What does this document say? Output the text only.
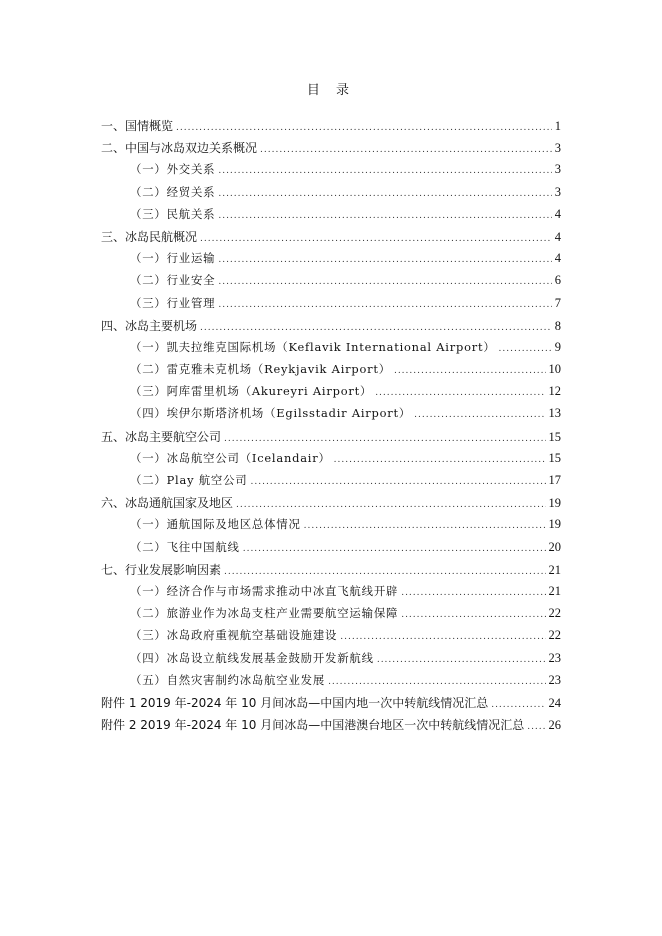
目 录
一、国情概览 .....	1
二、中国与冰岛双边关系概况 .....	3
（一）外交关系 .....	3
（二）经贸关系 .....	3
（三）民航关系 .....	4
三、冰岛民航概况 .....	4
（一）行业运输 .....	4
（二）行业安全 .....	6
（三）行业管理 .....	7
四、冰岛主要机场 .....	8
（一）凯夫拉维克国际机场（Keflavik International Airport） .....	9
（二）雷克雅未克机场（Reykjavik Airport） .....	10
（三）阿库雷里机场（Akureyri Airport） .....	12
（四）埃伊尔斯塔济机场（Egilsstadir Airport） .....	13
五、冰岛主要航空公司 .....	15
（一）冰岛航空公司（Icelandair） .....	15
（二）Play 航空公司 .....	17
六、冰岛通航国家及地区 .....	19
（一）通航国际及地区总体情况 .....	19
（二）飞往中国航线 .....	20
七、行业发展影响因素 .....	21
（一）经济合作与市场需求推动中冰直飞航线开辟 .....	21
（二）旅游业作为冰岛支柱产业需要航空运输保障 .....	22
（三）冰岛政府重视航空基础设施建设 .....	22
（四）冰岛设立航线发展基金鼓励开发新航线 .....	23
（五）自然灾害制约冰岛航空业发展 .....	23
附件 1 2019 年-2024 年 10 月间冰岛—中国内地一次中转航线情况汇总 .....	24
附件 2 2019 年-2024 年 10 月间冰岛—中国港澳台地区一次中转航线情况汇总 ..... 26
